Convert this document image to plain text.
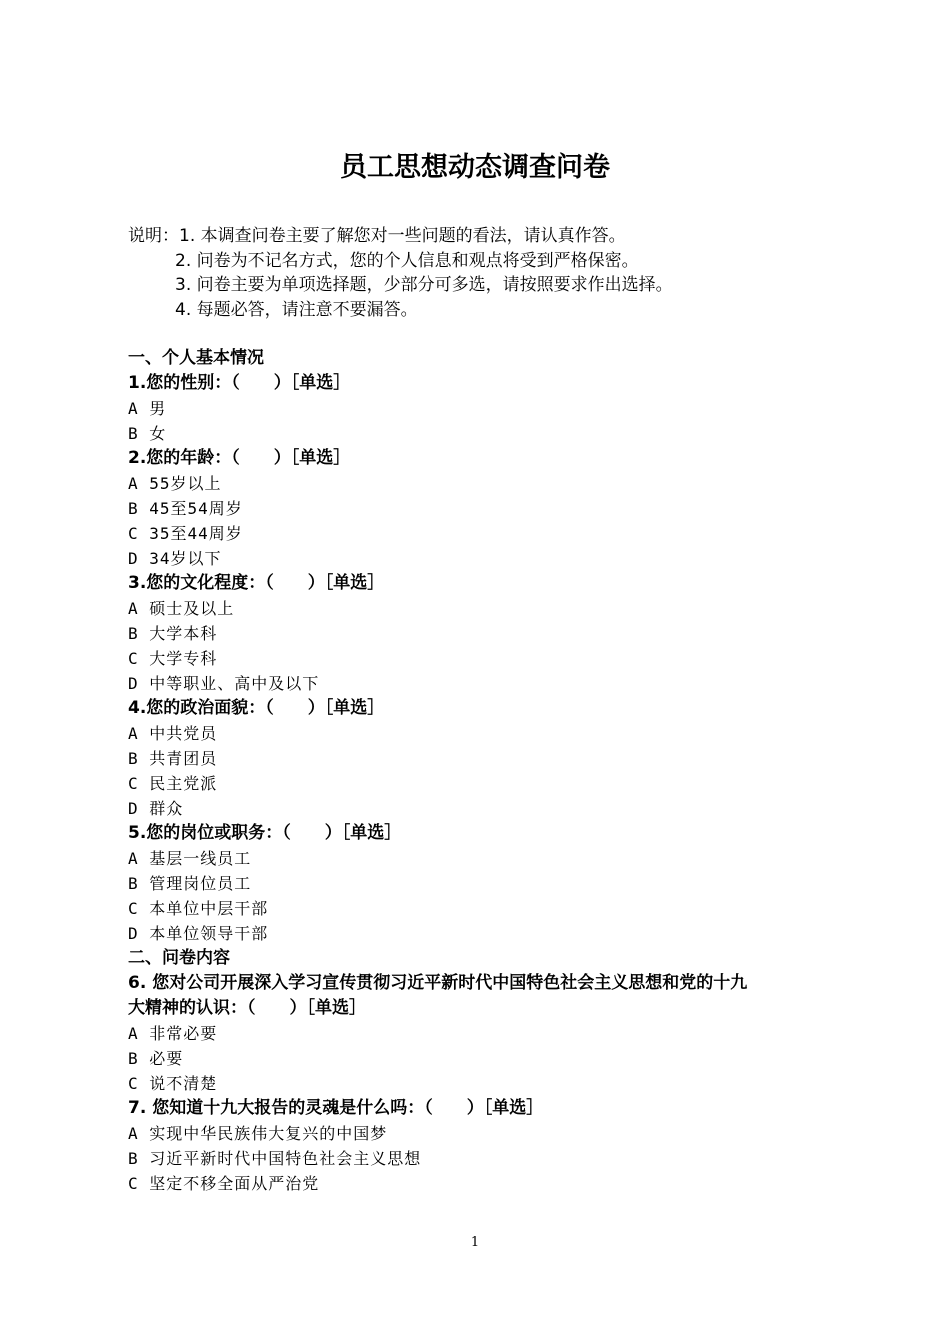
员工思想动态调查问卷
说明：1. 本调查问卷主要了解您对一些问题的看法，请认真作答。
2. 问卷为不记名方式，您的个人信息和观点将受到严格保密。
3. 问卷主要为单项选择题，少部分可多选，请按照要求作出选择。
4. 每题必答，请注意不要漏答。
一、个人基本情况
1.您的性别：（　　）［单选］
A 男
B 女
2.您的年龄：（　　）［单选］
A 55岁以上
B 45至54周岁
C 35至44周岁
D 34岁以下
3.您的文化程度：（　　）［单选］
A 硕士及以上
B 大学本科
C 大学专科
D 中等职业、高中及以下
4.您的政治面貌：（　　）［单选］
A 中共党员
B 共青团员
C 民主党派
D 群众
5.您的岗位或职务：（　　）［单选］
A 基层一线员工
B 管理岗位员工
C 本单位中层干部
D 本单位领导干部
二、问卷内容
6. 您对公司开展深入学习宣传贯彻习近平新时代中国特色社会主义思想和党的十九
大精神的认识：（　　）［单选］
A 非常必要
B 必要
C 说不清楚
7. 您知道十九大报告的灵魂是什么吗：（　　）［单选］
A 实现中华民族伟大复兴的中国梦
B 习近平新时代中国特色社会主义思想
C 坚定不移全面从严治党
1
